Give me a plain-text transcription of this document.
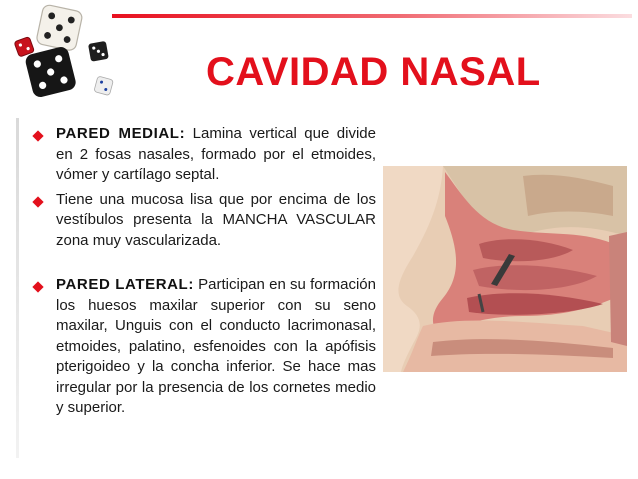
CAVIDAD NASAL

PARED MEDIAL: Lamina vertical que divide en 2 fosas nasales, formado por el etmoides, vómer y cartílago septal.

Tiene una mucosa lisa que por encima de los vestíbulos presenta la MANCHA VASCULAR zona muy vascularizada.

PARED LATERAL: Participan en su formación los huesos maxilar superior con su seno maxilar, Unguis con el conducto lacrimonasal, etmoides, palatino, esfenoides con la apófisis pterigoideo y la concha inferior. Se hace mas irregular por la presencia de los cornetes medio y superior.
